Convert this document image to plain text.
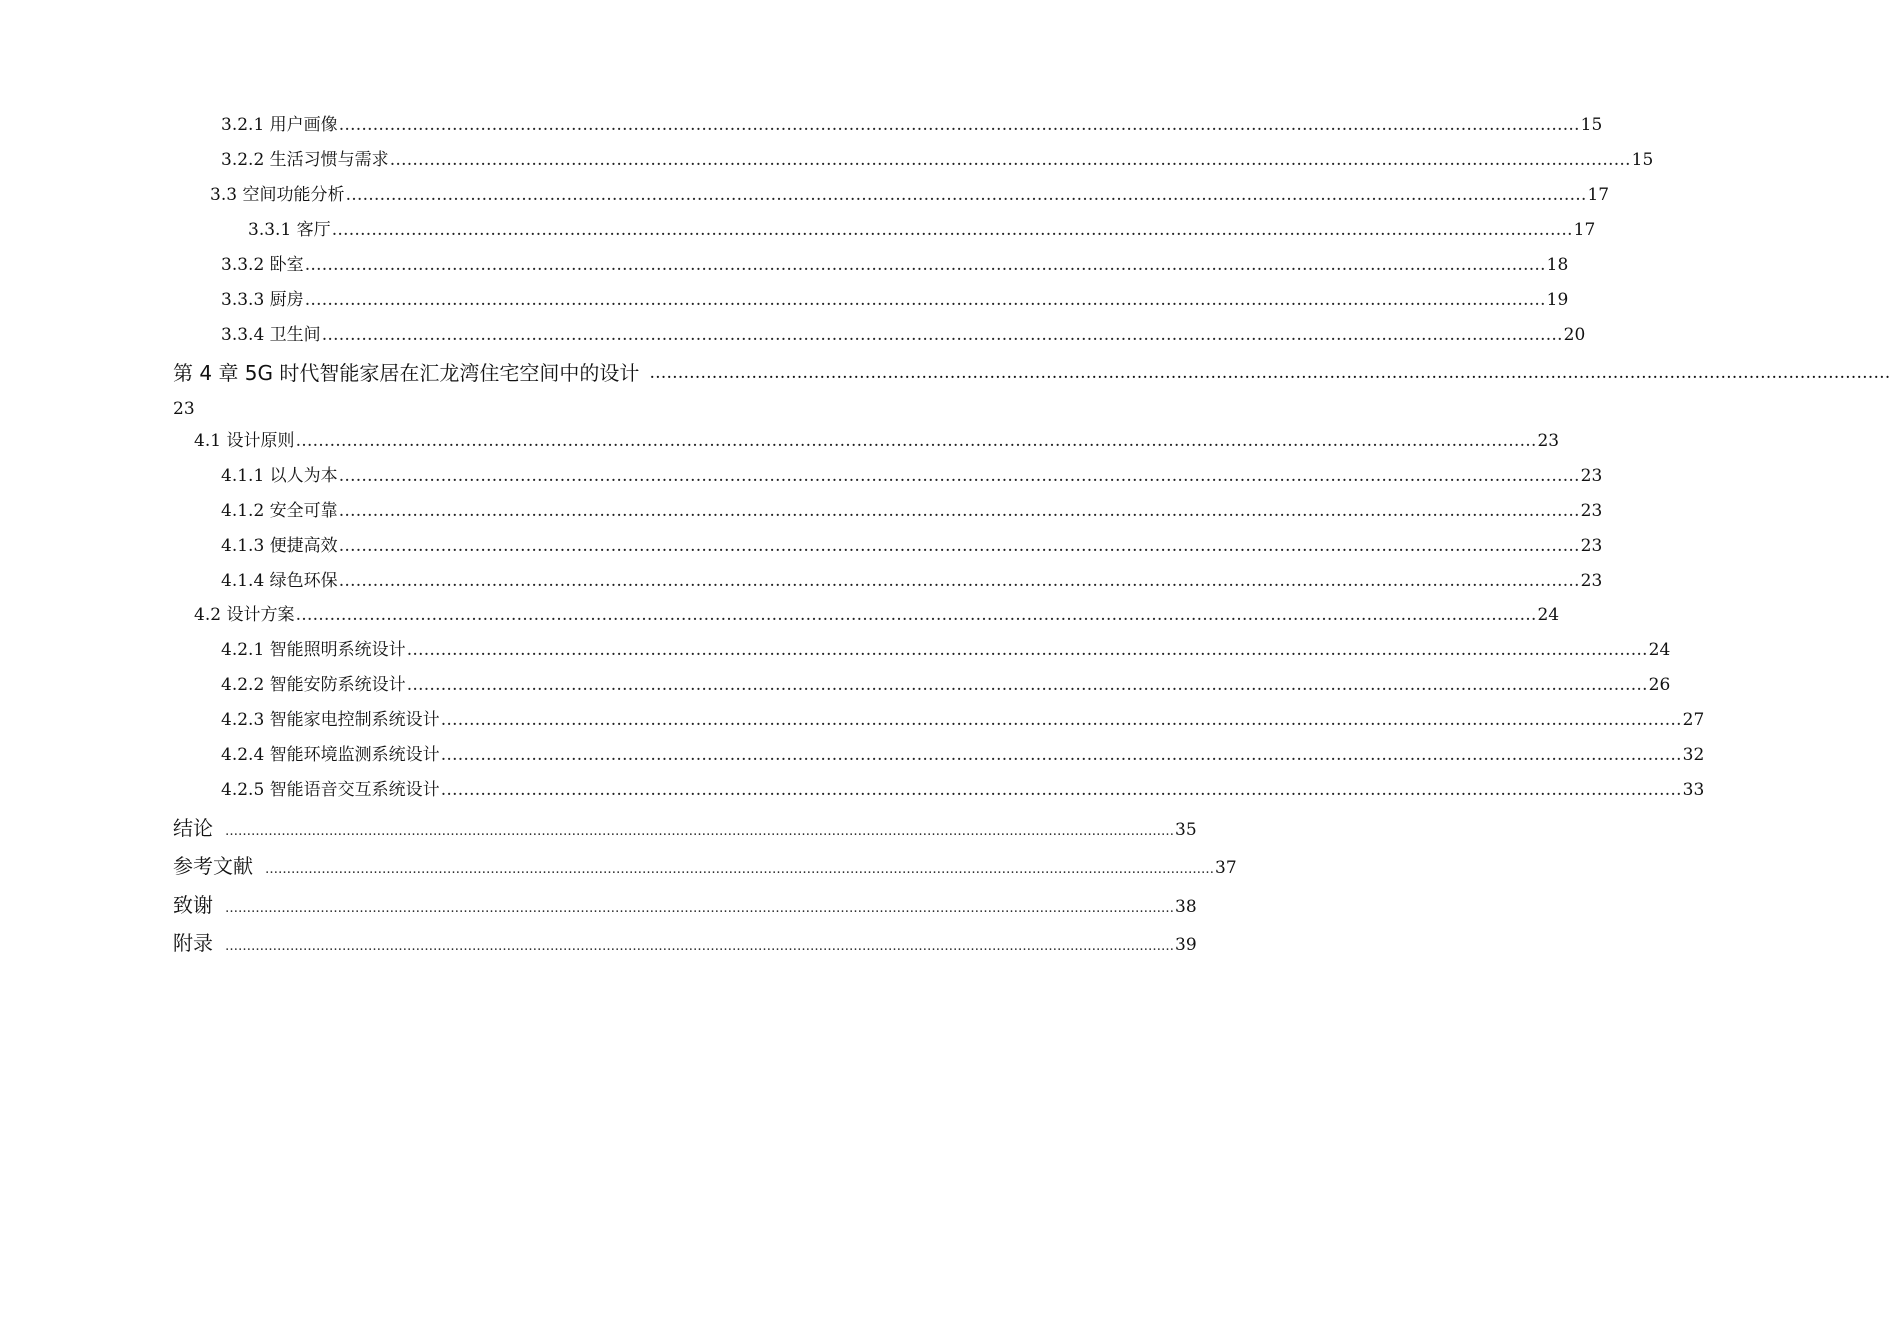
3.2.1 用户画像 ………………………………………………………………………………………………………………………………………………………………………………………………… 15
3.2.2 生活习惯与需求 ………………………………………………………………………………………………………………………………………………………………………………………………… 15
3.3 空间功能分析 ………………………………………………………………………………………………………………………………………………………………………………………………… 17
3.3.1 客厅 ………………………………………………………………………………………………………………………………………………………………………………………………… 17
3.3.2 卧室 ………………………………………………………………………………………………………………………………………………………………………………………………… 18
3.3.3 厨房 ………………………………………………………………………………………………………………………………………………………………………………………………… 19
3.3.4 卫生间 ………………………………………………………………………………………………………………………………………………………………………………………………… 20
第 4 章 5G 时代智能家居在汇龙湾住宅空间中的设计 …………………………………………………………………………………………………………………………………………………………………………………………………
23
4.1 设计原则 ………………………………………………………………………………………………………………………………………………………………………………………………… 23
4.1.1 以人为本 ………………………………………………………………………………………………………………………………………………………………………………………………… 23
4.1.2 安全可靠 ………………………………………………………………………………………………………………………………………………………………………………………………… 23
4.1.3 便捷高效 ………………………………………………………………………………………………………………………………………………………………………………………………… 23
4.1.4 绿色环保 ………………………………………………………………………………………………………………………………………………………………………………………………… 23
4.2 设计方案 ………………………………………………………………………………………………………………………………………………………………………………………………… 24
4.2.1 智能照明系统设计 ………………………………………………………………………………………………………………………………………………………………………………………………… 24
4.2.2 智能安防系统设计 ………………………………………………………………………………………………………………………………………………………………………………………………… 26
4.2.3 智能家电控制系统设计 ………………………………………………………………………………………………………………………………………………………………………………………………… 27
4.2.4 智能环境监测系统设计 ………………………………………………………………………………………………………………………………………………………………………………………………… 32
4.2.5 智能语音交互系统设计 ………………………………………………………………………………………………………………………………………………………………………………………………… 33
结论 ………………………………………………………………………………………………………………………………………………………………………………………………… 35
参考文献 ………………………………………………………………………………………………………………………………………………………………………………………………… 37
致谢 ………………………………………………………………………………………………………………………………………………………………………………………………… 38
附录 ………………………………………………………………………………………………………………………………………………………………………………………………… 39
